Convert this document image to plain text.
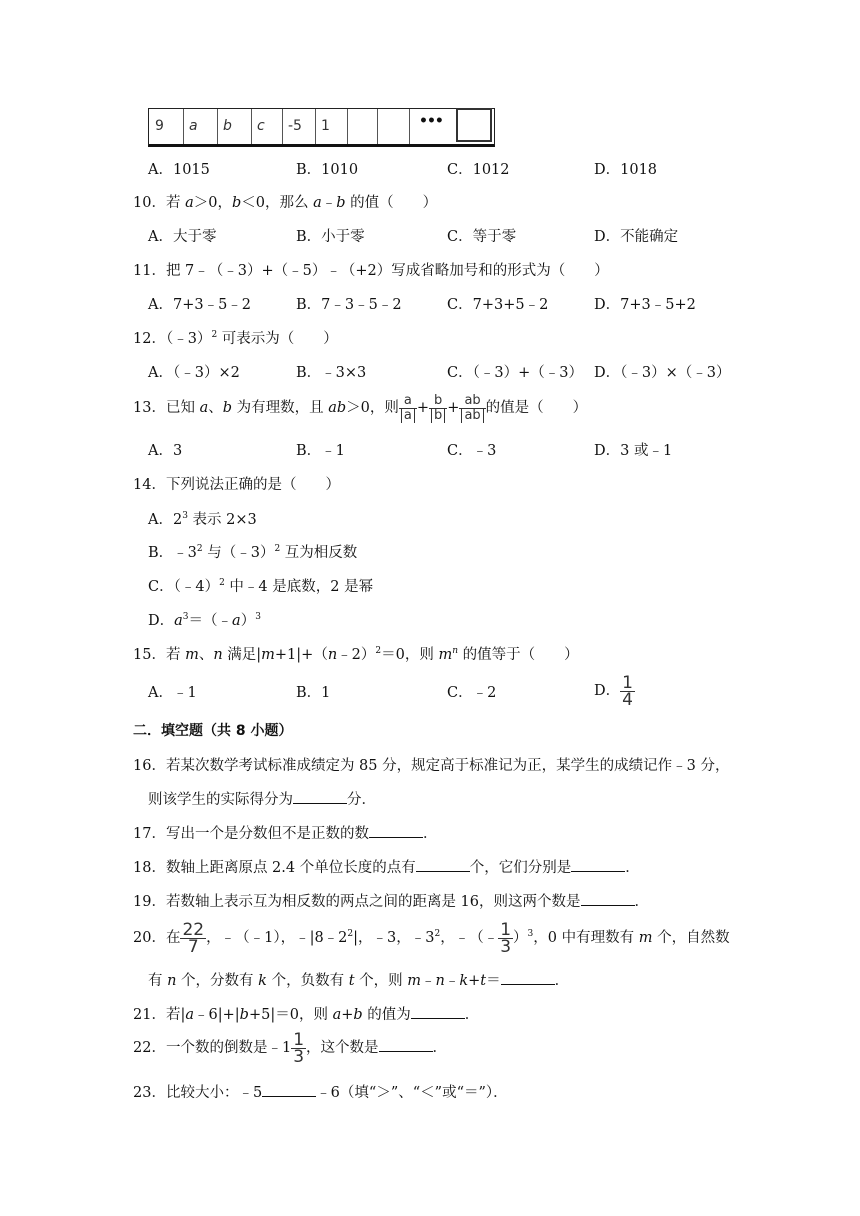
9 a b c -5 1	•••
A．1015	B．1010	C．1012	D．1018
10．若 a＞0，b＜0，那么 a﹣b 的值（　　）
A．大于零	B．小于零	C．等于零	D．不能确定
11．把 7﹣（﹣3）+（﹣5）﹣（+2）写成省略加号和的形式为（　　）
A．7+3﹣5﹣2	B．7﹣3﹣5﹣2	C．7+3+5﹣2	D．7+3﹣5+2
12．（﹣3）$^2$ 可表示为（　　）
A．（﹣3）×2	B．﹣3×3	C．（﹣3）+（﹣3） D．（﹣3）×（﹣3）
13．已知 a、b 为有理数，且 ab＞0，则 $\frac{a}{a} + \frac{b}{b} + \frac{ab}{ab}$ 的值是（　　）
A．3	B．﹣1	C．﹣3	D．3 或﹣1
14．下列说法正确的是（　　）
A．$2^3$ 表示 2×3
B．$﹣3^2$ 与（﹣3）$^2$ 互为相反数
C．（﹣4）$^2$ 中﹣4 是底数，2 是幂
D．$a^3=(﹣a)^3$
15．若 m、n 满足|m+1|+（n﹣2）$^2$＝0，则 $m^n$ 的值等于（　　）
A．﹣1	B．1	C．﹣2	D． $\frac{1}{4}$
二．填空题（共 8 小题）
16．若某次数学考试标准成绩定为 85 分，规定高于标准记为正，某学生的成绩记作﹣3 分，
则该学生的实际得分为	分．
17．写出一个是分数但不是正数的数	．
18．数轴上距离原点 2.4 个单位长度的点有	个，它们分别是	．
19．若数轴上表示互为相反数的两点之间的距离是 16，则这两个数是	．
20．在 $\frac{22}{7}$ ，﹣（﹣1），$﹣|8﹣2^2|$，﹣3，$﹣3^2$，﹣（﹣ $\frac{1}{3} )^3$，0 中有理数有 m 个，自然数
有 n 个，分数有 k 个，负数有 t 个，则 m﹣n﹣k+t＝	．
21．若|a﹣6|+|b+5|＝0，则 a+b 的值为	．
22．一个数的倒数是﹣1 $\frac{1}{3}$ ，这个数是	．
23．比较大小：﹣5	﹣6（填“＞”、“＜”或“＝”）．
